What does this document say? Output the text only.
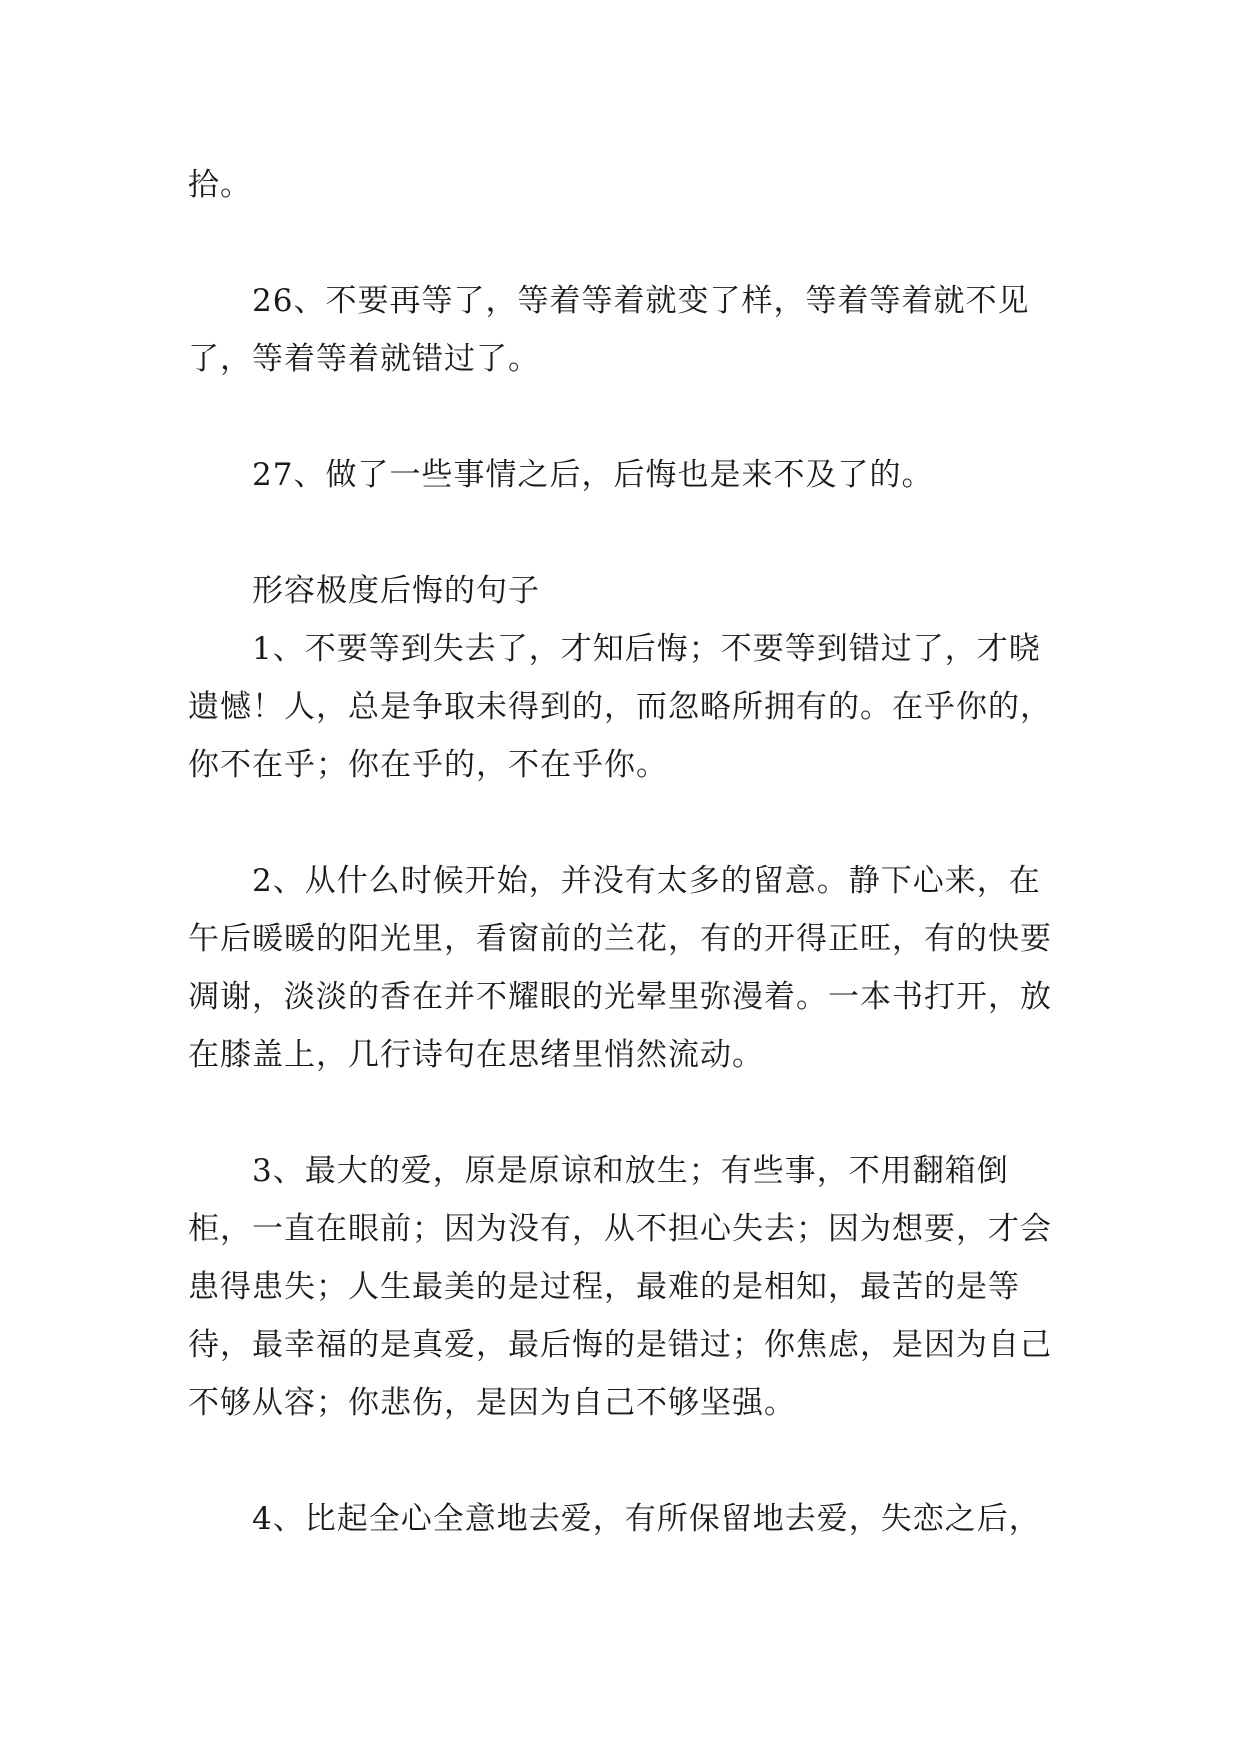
拾。

26、不要再等了，等着等着就变了样，等着等着就不见了，等着等着就错过了。

27、做了一些事情之后，后悔也是来不及了的。

形容极度后悔的句子

1、不要等到失去了，才知后悔；不要等到错过了，才晓遗憾！人，总是争取未得到的，而忽略所拥有的。在乎你的，你不在乎；你在乎的，不在乎你。

2、从什么时候开始，并没有太多的留意。静下心来，在午后暖暖的阳光里，看窗前的兰花，有的开得正旺，有的快要凋谢，淡淡的香在并不耀眼的光晕里弥漫着。一本书打开，放在膝盖上，几行诗句在思绪里悄然流动。

3、最大的爱，原是原谅和放生；有些事，不用翻箱倒柜，一直在眼前；因为没有，从不担心失去；因为想要，才会患得患失；人生最美的是过程，最难的是相知，最苦的是等待，最幸福的是真爱，最后悔的是错过；你焦虑，是因为自己不够从容；你悲伤，是因为自己不够坚强。

4、比起全心全意地去爱，有所保留地去爱，失恋之后，
